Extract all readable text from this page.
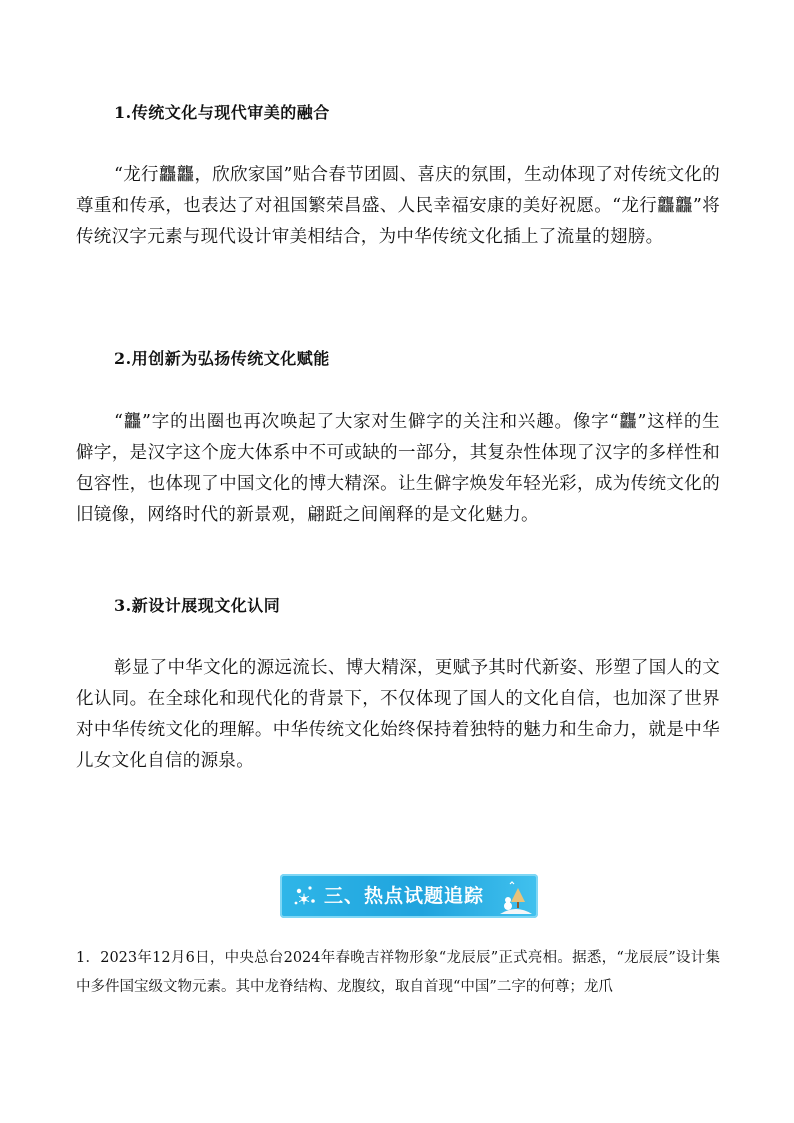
1.传统文化与现代审美的融合
“龙行龘龘，欣欣家国”贴合春节团圆、喜庆的氛围，生动体现了对传统文化的尊重和传承，也表达了对祖国繁荣昌盛、人民幸福安康的美好祝愿。“龙行龘龘”将传统汉字元素与现代设计审美相结合，为中华传统文化插上了流量的翅膀。
2.用创新为弘扬传统文化赋能
“龘”字的出圈也再次唤起了大家对生僻字的关注和兴趣。像字“龘”这样的生僻字，是汉字这个庞大体系中不可或缺的一部分，其复杂性体现了汉字的多样性和包容性，也体现了中国文化的博大精深。让生僻字焕发年轻光彩，成为传统文化的旧镜像，网络时代的新景观，翩跹之间阐释的是文化魅力。
3.新设计展现文化认同
彰显了中华文化的源远流长、博大精深，更赋予其时代新姿、形塑了国人的文化认同。在全球化和现代化的背景下，不仅体现了国人的文化自信，也加深了世界对中华传统文化的理解。中华传统文化始终保持着独特的魅力和生命力，就是中华儿女文化自信的源泉。
三、热点试题追踪
1．2023年12月6日，中央总台2024年春晚吉祥物形象“龙辰辰”正式亮相。据悉，“龙辰辰”设计集中多件国宝级文物元素。其中龙脊结构、龙腹纹，取自首现“中国”二字的何尊；龙爪
